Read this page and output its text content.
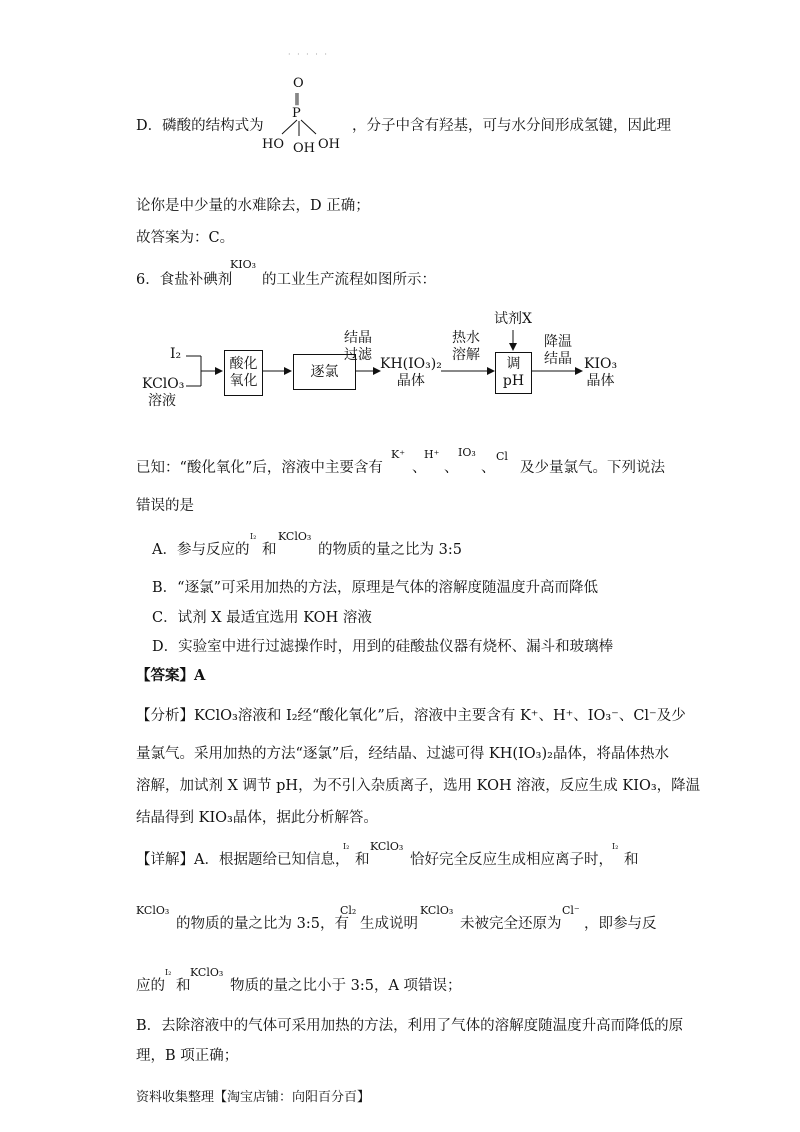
· · · · ·
D．磷酸的结构式为
O
‖
P
HO OH OH
，分子中含有羟基，可与水分间形成氢键，因此理
论你是中少量的水难除去，D 正确；
故答案为：C。
6．食盐补碘剂
KIO₃
的工业生产流程如图所示：
I₂
KClO₃
溶液
酸化
氧化
逐氯
结晶
过滤
KH(IO₃)₂
晶体
热水
溶解
试剂X
调
pH
降温
结晶 KIO₃
晶体
已知：“酸化氧化”后，溶液中主要含有
K⁺
、
H⁺
、
IO₃
、
Cl
及少量氯气。下列说法
错误的是
A．参与反应的
I₂
和
KClO₃
的物质的量之比为 3:5
B．“逐氯”可采用加热的方法，原理是气体的溶解度随温度升高而降低
C．试剂 X 最适宜选用 KOH 溶液
D．实验室中进行过滤操作时，用到的硅酸盐仪器有烧杯、漏斗和玻璃棒
【答案】A
【分析】KClO₃溶液和 I₂经“酸化氧化”后，溶液中主要含有 K⁺、H⁺、IO₃⁻、Cl⁻及少
量氯气。采用加热的方法“逐氯”后，经结晶、过滤可得 KH(IO₃)₂晶体，将晶体热水
溶解，加试剂 X 调节 pH，为不引入杂质离子，选用 KOH 溶液，反应生成 KIO₃，降温
结晶得到 KIO₃晶体，据此分析解答。
【详解】A．根据题给已知信息，
I₂
和
KClO₃
恰好完全反应生成相应离子时，
I₂
和
KClO₃
的物质的量之比为 3:5，有
Cl₂
生成说明
KClO₃
未被完全还原为
Cl⁻
，即参与反
应的
I₂
和
KClO₃
物质的量之比小于 3:5，A 项错误；
B．去除溶液中的气体可采用加热的方法，利用了气体的溶解度随温度升高而降低的原
理，B 项正确；
资料收集整理【淘宝店铺：向阳百分百】
